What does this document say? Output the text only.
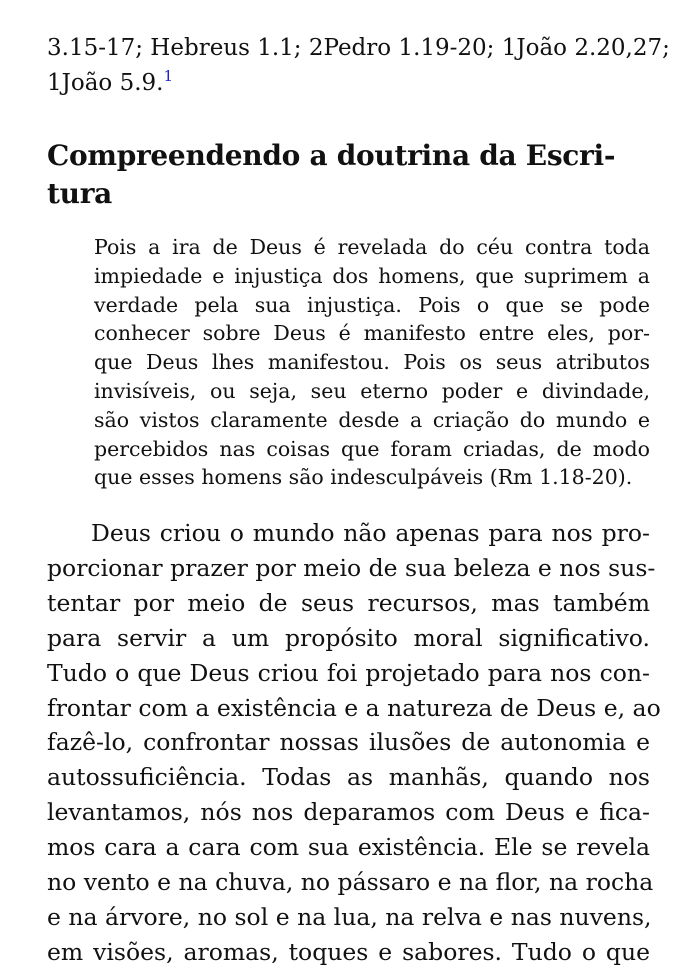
3.15-17; Hebreus 1.1; 2Pedro 1.19-20; 1João 2.20,27;
1João 5.9.$^1$
Compreendendo a doutrina da Escri-
tura
Pois a ira de Deus é revelada do céu contra toda
impiedade e injustiça dos homens, que suprimem a
verdade pela sua injustiça. Pois o que se pode
conhecer sobre Deus é manifesto entre eles, por-
que Deus lhes manifestou. Pois os seus atributos
invisíveis, ou seja, seu eterno poder e divindade,
são vistos claramente desde a criação do mundo e
percebidos nas coisas que foram criadas, de modo
que esses homens são indesculpáveis (Rm 1.18-20).
Deus criou o mundo não apenas para nos pro-
porcionar prazer por meio de sua beleza e nos sus-
tentar por meio de seus recursos, mas também
para servir a um propósito moral significativo.
Tudo o que Deus criou foi projetado para nos con-
frontar com a existência e a natureza de Deus e, ao
fazê-lo, confrontar nossas ilusões de autonomia e
autossuficiência. Todas as manhãs, quando nos
levantamos, nós nos deparamos com Deus e fica-
mos cara a cara com sua existência. Ele se revela
no vento e na chuva, no pássaro e na flor, na rocha
e na árvore, no sol e na lua, na relva e nas nuvens,
em visões, aromas, toques e sabores. Tudo o que
